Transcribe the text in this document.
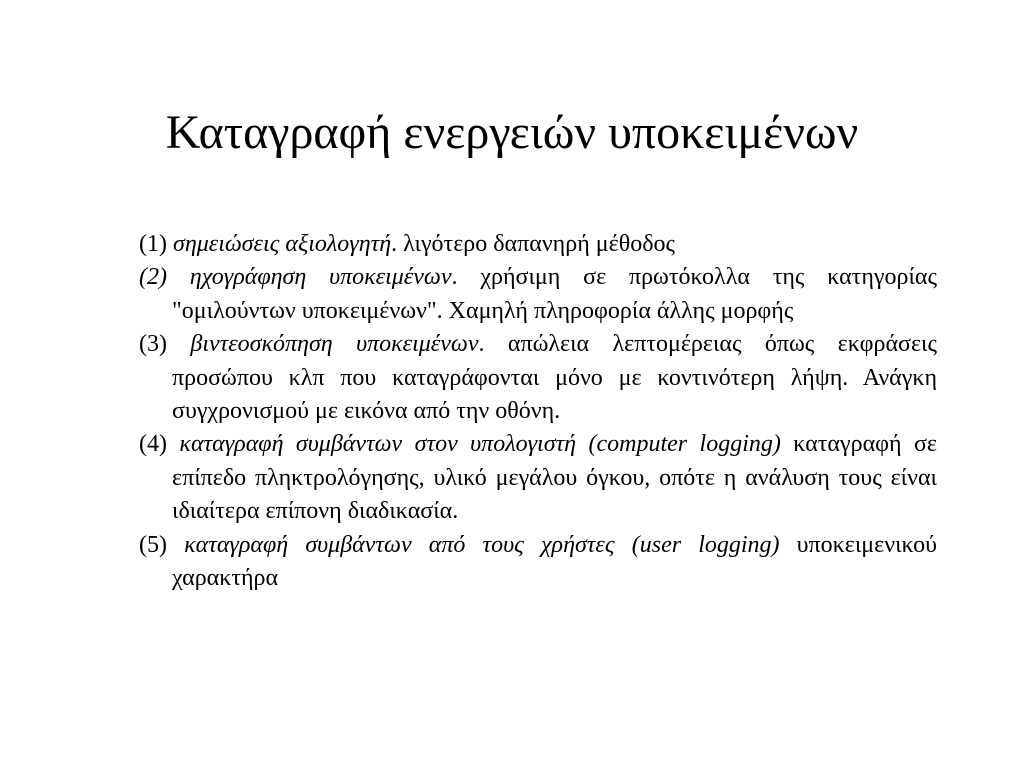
Καταγραφή ενεργειών υποκειμένων

(1) σημειώσεις αξιολογητή. λιγότερο δαπανηρή μέθοδος

(2) ηχογράφηση υποκειμένων. χρήσιμη σε πρωτόκολλα της κατηγορίας "ομιλούντων υποκειμένων". Χαμηλή πληροφορία άλλης μορφής

(3) βιντεοσκόπηση υποκειμένων. απώλεια λεπτομέρειας όπως εκφράσεις προσώπου κλπ που καταγράφονται μόνο με κοντινότερη λήψη. Ανάγκη συγχρονισμού με εικόνα από την οθόνη.

(4) καταγραφή συμβάντων στον υπολογιστή (computer logging) καταγραφή σε επίπεδο πληκτρολόγησης, υλικό μεγάλου όγκου, οπότε η ανάλυση τους είναι ιδιαίτερα επίπονη διαδικασία.

(5) καταγραφή συμβάντων από τους χρήστες (user logging) υποκειμενικού χαρακτήρα
